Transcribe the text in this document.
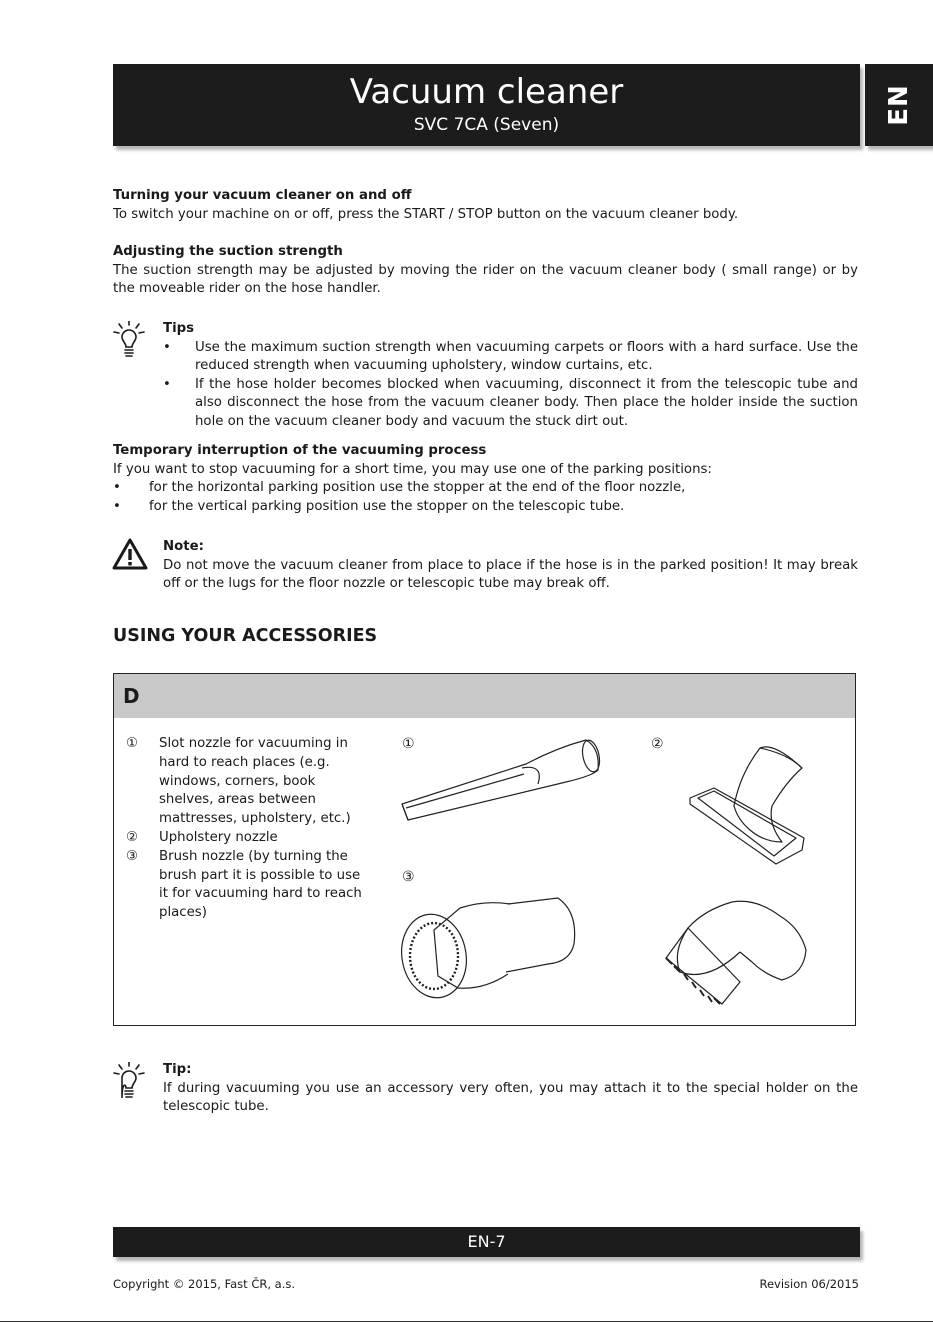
Vacuum cleaner
SVC 7CA (Seven)	EN
Turning your vacuum cleaner on and off
To switch your machine on or off, press the START / STOP button on the vacuum cleaner body.
Adjusting the suction strength
The suction strength may be adjusted by moving the rider on the vacuum cleaner body ( small range) or by the moveable rider on the hose handler.
Tips
• Use the maximum suction strength when vacuuming carpets or floors with a hard surface. Use the reduced strength when vacuuming upholstery, window curtains, etc.
• If the hose holder becomes blocked when vacuuming, disconnect it from the telescopic tube and also disconnect the hose from the vacuum cleaner body. Then place the holder inside the suction hole on the vacuum cleaner body and vacuum the stuck dirt out.
Temporary interruption of the vacuuming process
If you want to stop vacuuming for a short time, you may use one of the parking positions:
• for the horizontal parking position use the stopper at the end of the floor nozzle,
• for the vertical parking position use the stopper on the telescopic tube.
Note:
Do not move the vacuum cleaner from place to place if the hose is in the parked position! It may break off or the lugs for the floor nozzle or telescopic tube may break off.
USING YOUR ACCESSORIES
D
① Slot nozzle for vacuuming in hard to reach places (e.g. windows, corners, book shelves, areas between mattresses, upholstery, etc.)
② Upholstery nozzle
③ Brush nozzle (by turning the brush part it is possible to use it for vacuuming hard to reach places)
①	②
③
Tip:
If during vacuuming you use an accessory very often, you may attach it to the special holder on the telescopic tube.
EN-7
Copyright © 2015, Fast ČR, a.s.	Revision 06/2015
